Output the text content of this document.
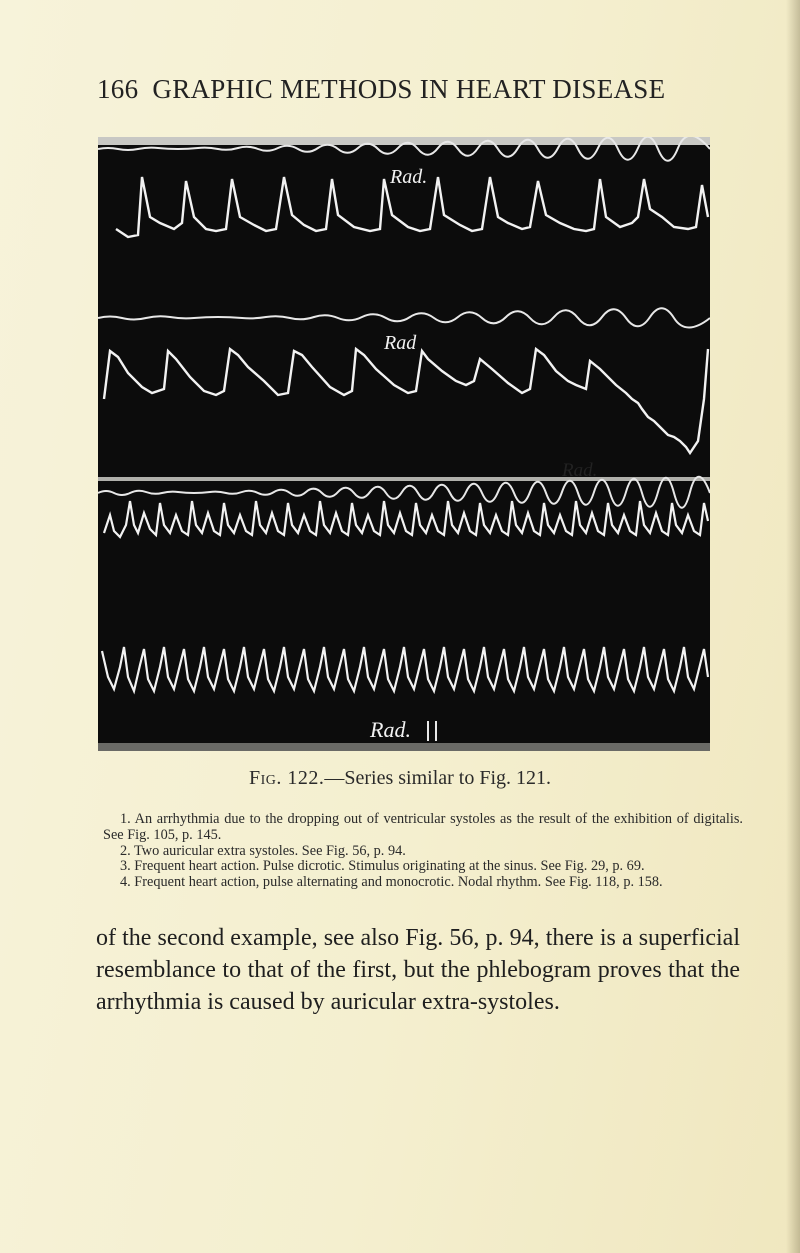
166 GRAPHIC METHODS IN HEART DISEASE
Rad.
Rad
Rad.
Rad.
Fig. 122.—Series similar to Fig. 121.

1. An arrhythmia due to the dropping out of ventricular systoles as the result of the exhibition of digitalis. See Fig. 105, p. 145.

2. Two auricular extra systoles. See Fig. 56, p. 94.

3. Frequent heart action. Pulse dicrotic. Stimulus originating at the sinus. See Fig. 29, p. 69.

4. Frequent heart action, pulse alternating and monocrotic. Nodal rhythm. See Fig. 118, p. 158.

of the second example, see also Fig. 56, p. 94, there is a superficial resemblance to that of the first, but the phlebogram proves that the arrhythmia is caused by auricular extra-systoles.
